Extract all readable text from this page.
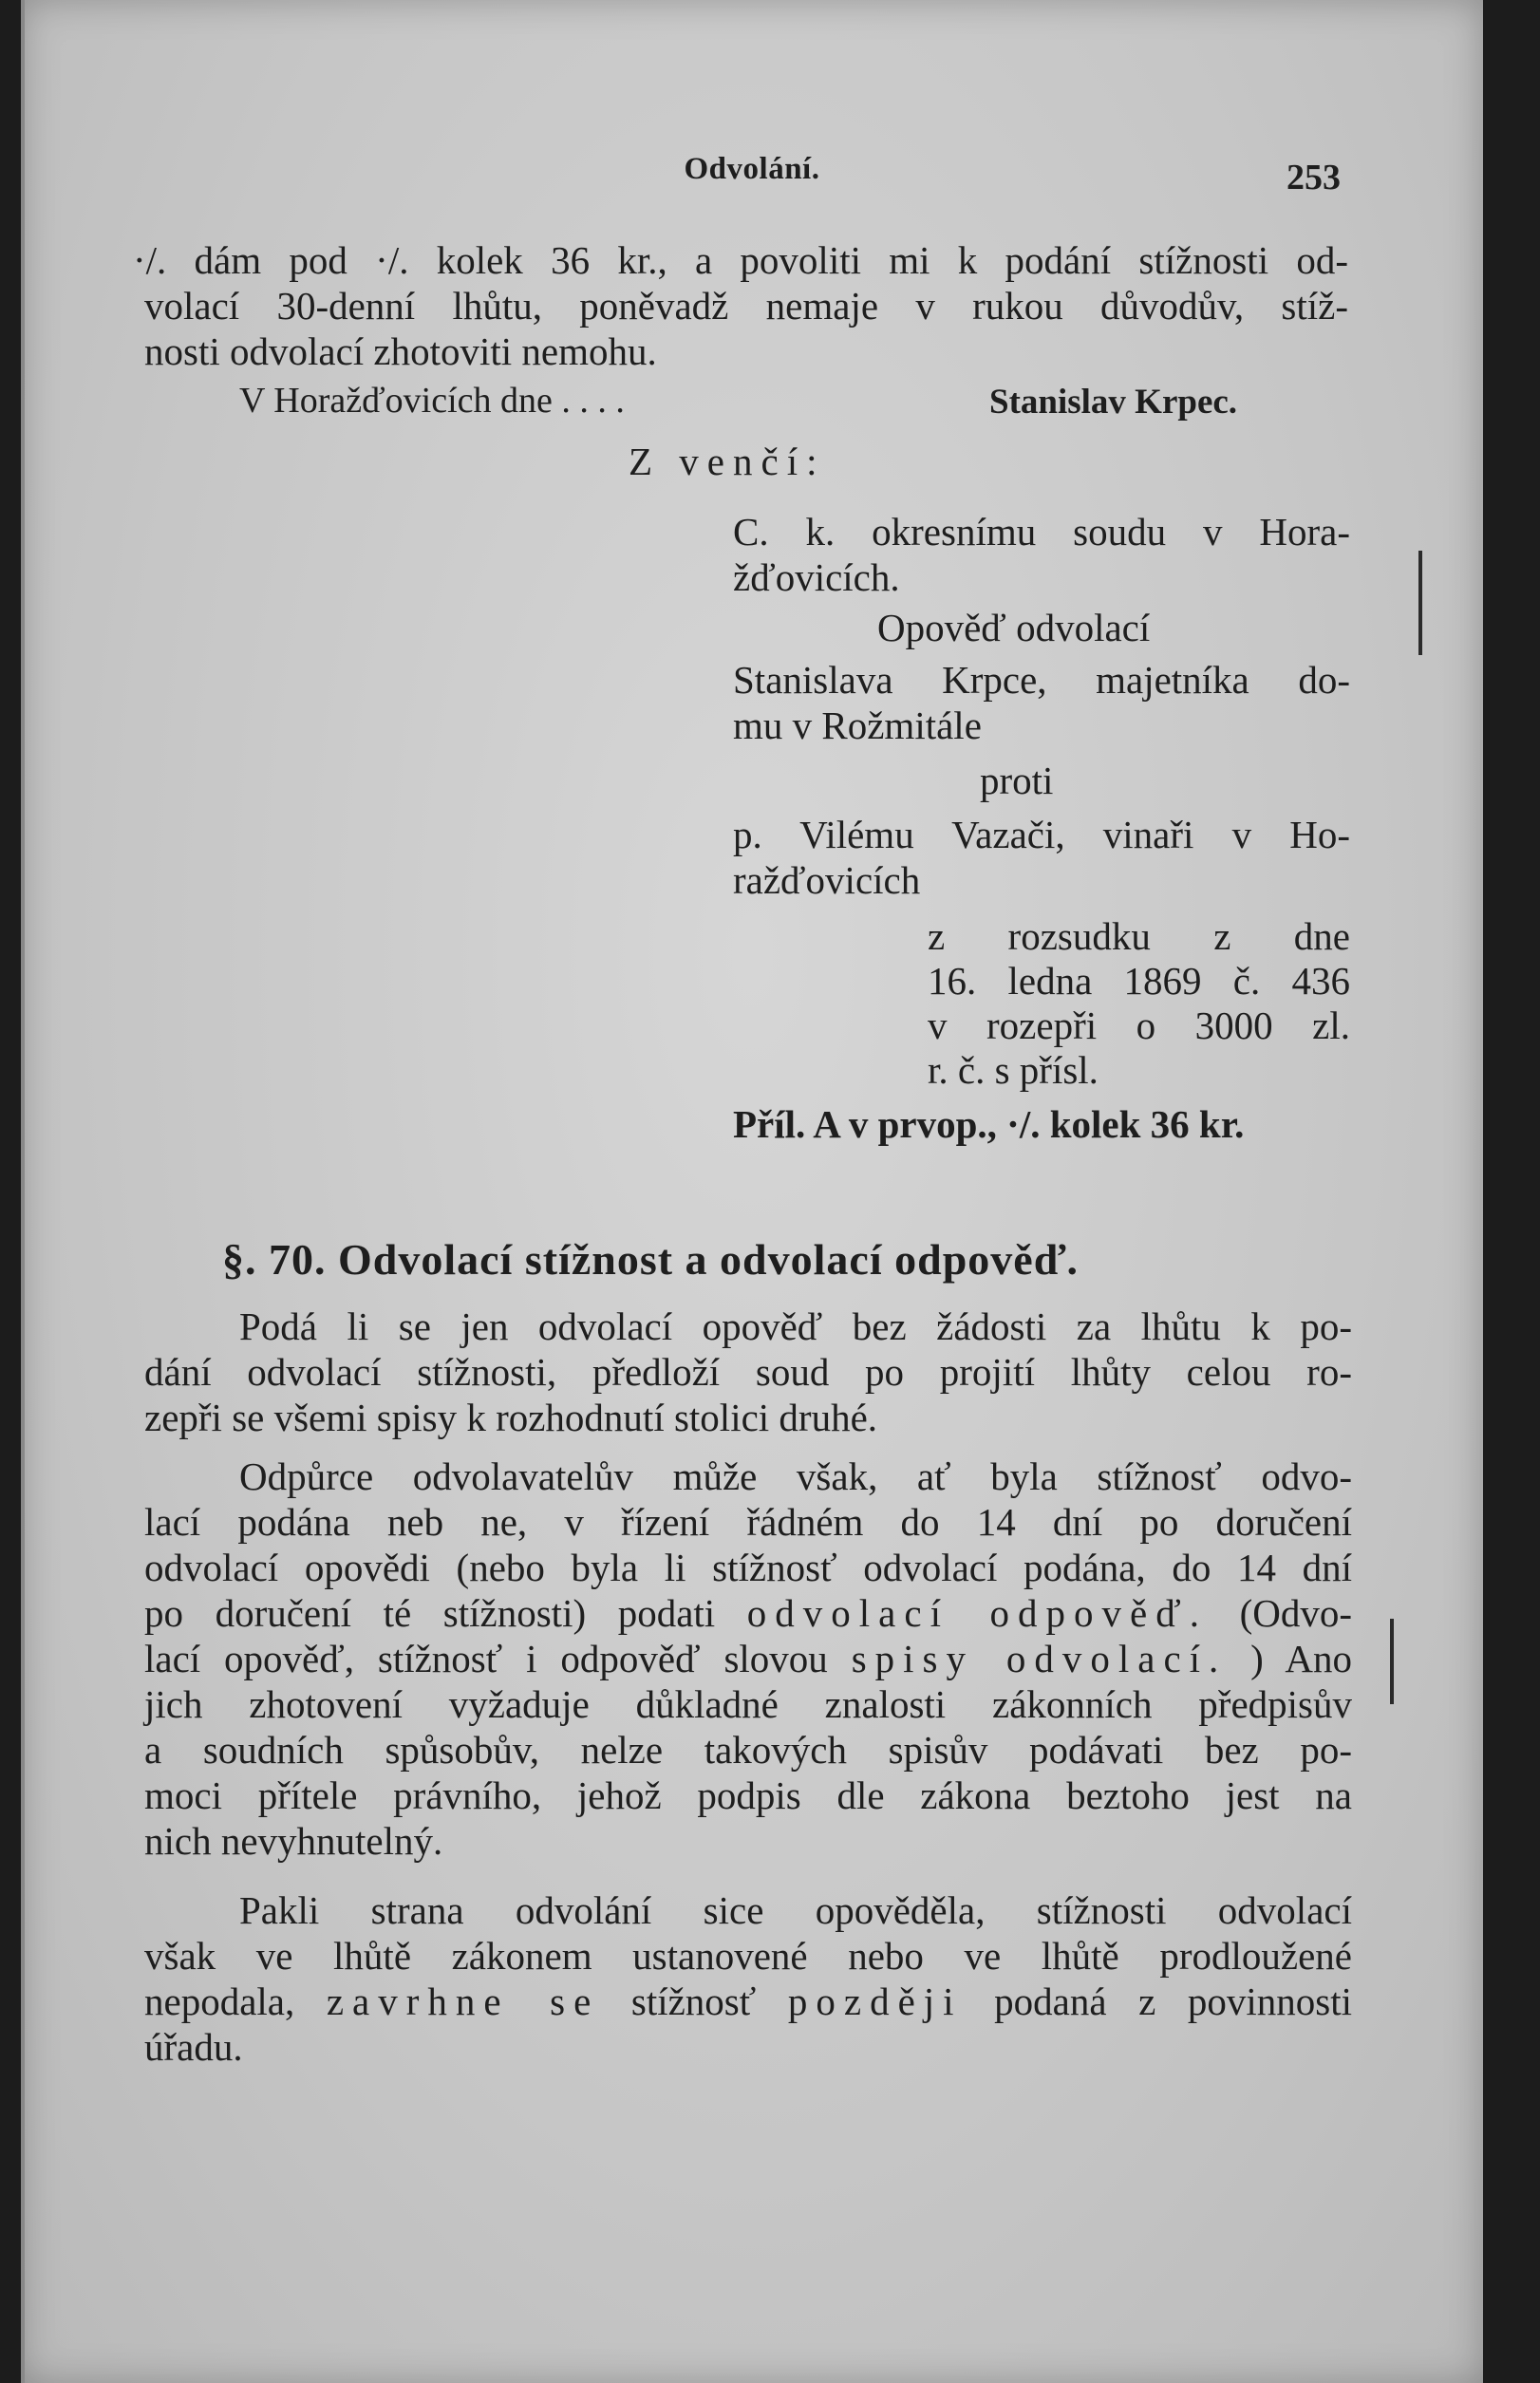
Odvolání.	253
·/. dám pod ·/. kolek 36 kr., a povoliti mi k podání stížnosti od-
volací 30-denní lhůtu, poněvadž nemaje v rukou důvodův, stíž-
nosti odvolací zhotoviti nemohu.
V Horažďovicích dne . . . .	Stanislav Krpec.
Z venčí:
C. k. okresnímu soudu v Hora-
žďovicích.
Opověď odvolací
Stanislava Krpce, majetníka do-
mu v Rožmitále
proti
p. Vilému Vazači, vinaři v Ho-
ražďovicích
z rozsudku z dne
16. ledna 1869 č. 436
v rozepři o 3000 zl.
r. č. s přísl.
Příl. A v prvop., ·/. kolek 36 kr.
§. 70. Odvolací stížnost a odvolací odpověď.
Podá li se jen odvolací opověď bez žádosti za lhůtu k po-
dání odvolací stížnosti, předloží soud po projití lhůty celou ro-
zepři se všemi spisy k rozhodnutí stolici druhé.
Odpůrce odvolavatelův může však, ať byla stížnosť odvo-
lací podána neb ne, v řízení řádném do 14 dní po doručení
odvolací opovědi (nebo byla li stížnosť odvolací podána, do 14 dní
po doručení té stížnosti) podati odvolací odpověď. (Odvo-
lací opověď, stížnosť i odpověď slovou spisy odvolací. ) Ano
jich zhotovení vyžaduje důkladné znalosti zákonních předpisův
a soudních spůsobův, nelze takových spisův podávati bez po-
moci přítele právního, jehož podpis dle zákona beztoho jest na
nich nevyhnutelný.
Pakli strana odvolání sice opověděla, stížnosti odvolací
však ve lhůtě zákonem ustanovené nebo ve lhůtě prodloužené
nepodala, zavrhne se stížnosť později podaná z povinnosti
úřadu.
